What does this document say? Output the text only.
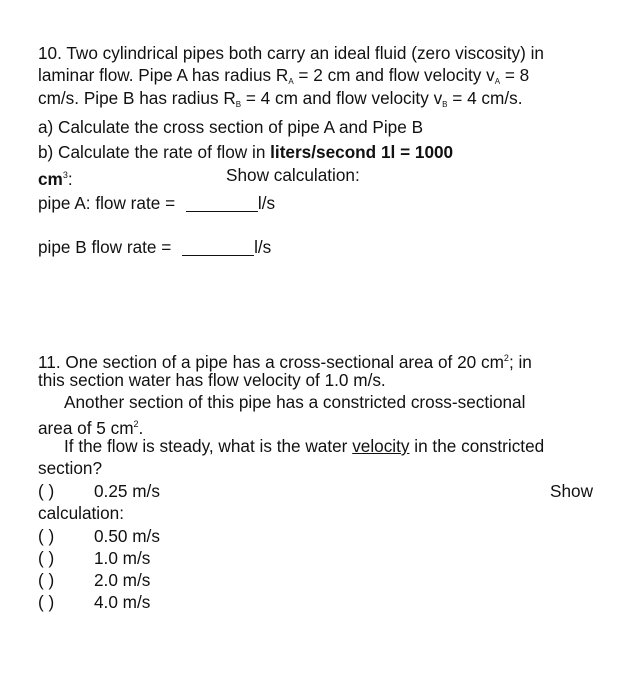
10. Two cylindrical pipes both carry an ideal fluid (zero viscosity) in
laminar flow. Pipe A has radius $R_A = 2$ cm and flow velocity $v_A = 8$
cm/s. Pipe B has radius $R_B = 4$ cm and flow velocity $v_B = 4$ cm/s.
a) Calculate the cross section of pipe A and Pipe B
b) Calculate the rate of flow in liters/second 1l = 1000
$cm^3$:	Show calculation:
pipe A: flow rate =	l/s
pipe B flow rate =	l/s
11. One section of a pipe has a cross-sectional area of 20 $cm^2$; in
this section water has flow velocity of 1.0 m/s.
Another section of this pipe has a constricted cross-sectional
area of 5 $cm^2$.
If the flow is steady, what is the water velocity in the constricted
section?
( ) 0.25 m/s	Show
calculation:
( ) 0.50 m/s
( ) 1.0 m/s
( ) 2.0 m/s
( ) 4.0 m/s
